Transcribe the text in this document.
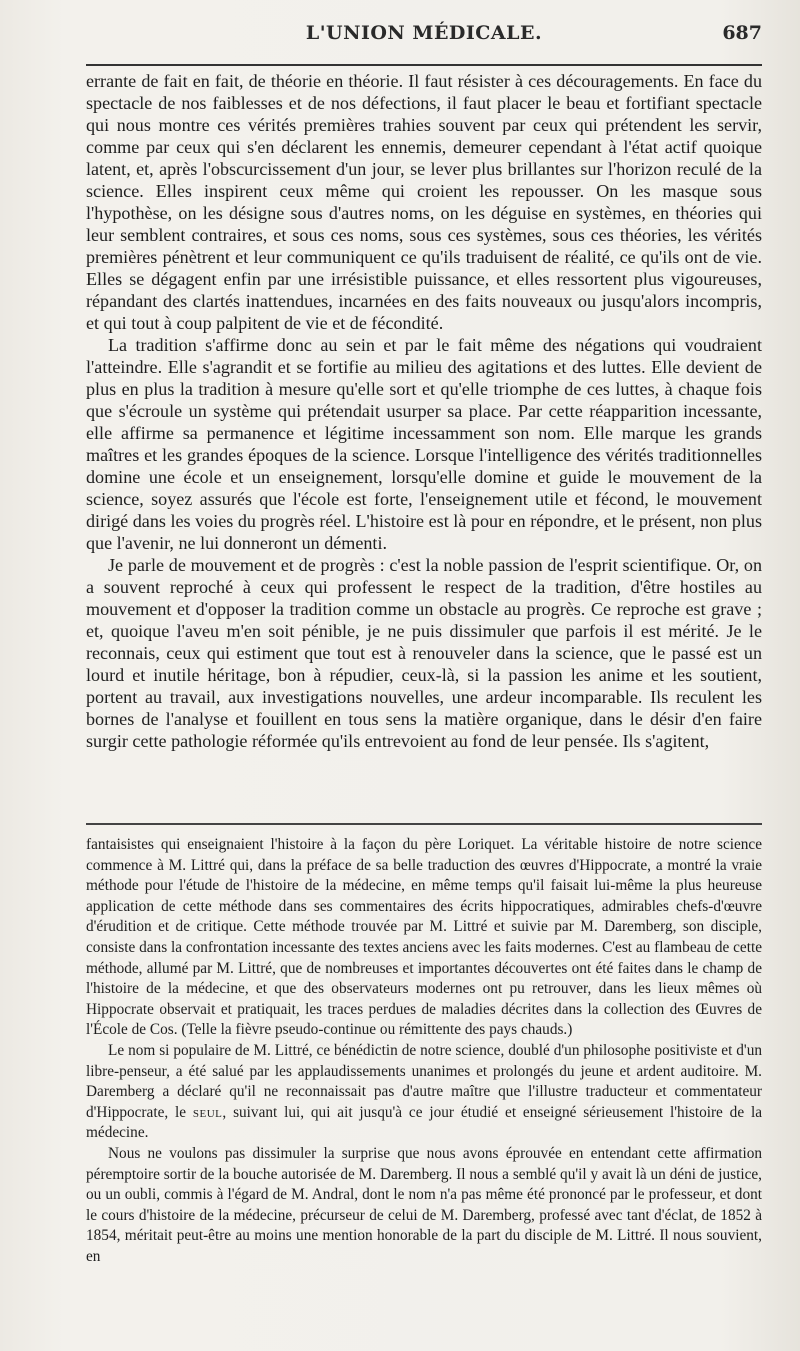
L'UNION MÉDICALE.	687

errante de fait en fait, de théorie en théorie. Il faut résister à ces découragements. En face du spectacle de nos faiblesses et de nos défections, il faut placer le beau et fortifiant spectacle qui nous montre ces vérités premières trahies souvent par ceux qui prétendent les servir, comme par ceux qui s'en déclarent les ennemis, demeurer cependant à l'état actif quoique latent, et, après l'obscurcissement d'un jour, se lever plus brillantes sur l'horizon reculé de la science. Elles inspirent ceux même qui croient les repousser. On les masque sous l'hypothèse, on les désigne sous d'autres noms, on les déguise en systèmes, en théories qui leur semblent contraires, et sous ces noms, sous ces systèmes, sous ces théories, les vérités premières pénètrent et leur communiquent ce qu'ils traduisent de réalité, ce qu'ils ont de vie. Elles se dégagent enfin par une irrésistible puissance, et elles ressortent plus vigoureuses, répandant des clartés inattendues, incarnées en des faits nouveaux ou jusqu'alors incompris, et qui tout à coup palpitent de vie et de fécondité.

La tradition s'affirme donc au sein et par le fait même des négations qui voudraient l'atteindre. Elle s'agrandit et se fortifie au milieu des agitations et des luttes. Elle devient de plus en plus la tradition à mesure qu'elle sort et qu'elle triomphe de ces luttes, à chaque fois que s'écroule un système qui prétendait usurper sa place. Par cette réapparition incessante, elle affirme sa permanence et légitime incessamment son nom. Elle marque les grands maîtres et les grandes époques de la science. Lorsque l'intelligence des vérités traditionnelles domine une école et un enseignement, lorsqu'elle domine et guide le mouvement de la science, soyez assurés que l'école est forte, l'enseignement utile et fécond, le mouvement dirigé dans les voies du progrès réel. L'histoire est là pour en répondre, et le présent, non plus que l'avenir, ne lui donneront un démenti.

Je parle de mouvement et de progrès : c'est la noble passion de l'esprit scientifique. Or, on a souvent reproché à ceux qui professent le respect de la tradition, d'être hostiles au mouvement et d'opposer la tradition comme un obstacle au progrès. Ce reproche est grave ; et, quoique l'aveu m'en soit pénible, je ne puis dissimuler que parfois il est mérité. Je le reconnais, ceux qui estiment que tout est à renouveler dans la science, que le passé est un lourd et inutile héritage, bon à répudier, ceux-là, si la passion les anime et les soutient, portent au travail, aux investigations nouvelles, une ardeur incomparable. Ils reculent les bornes de l'analyse et fouillent en tous sens la matière organique, dans le désir d'en faire surgir cette pathologie réformée qu'ils entrevoient au fond de leur pensée. Ils s'agitent,

fantaisistes qui enseignaient l'histoire à la façon du père Loriquet. La véritable histoire de notre science commence à M. Littré qui, dans la préface de sa belle traduction des œuvres d'Hippocrate, a montré la vraie méthode pour l'étude de l'histoire de la médecine, en même temps qu'il faisait lui-même la plus heureuse application de cette méthode dans ses commentaires des écrits hippocratiques, admirables chefs-d'œuvre d'érudition et de critique. Cette méthode trouvée par M. Littré et suivie par M. Daremberg, son disciple, consiste dans la confrontation incessante des textes anciens avec les faits modernes. C'est au flambeau de cette méthode, allumé par M. Littré, que de nombreuses et importantes découvertes ont été faites dans le champ de l'histoire de la médecine, et que des observateurs modernes ont pu retrouver, dans les lieux mêmes où Hippocrate observait et pratiquait, les traces perdues de maladies décrites dans la collection des Œuvres de l'École de Cos. (Telle la fièvre pseudo-continue ou rémittente des pays chauds.)

Le nom si populaire de M. Littré, ce bénédictin de notre science, doublé d'un philosophe positiviste et d'un libre-penseur, a été salué par les applaudissements unanimes et prolongés du jeune et ardent auditoire. M. Daremberg a déclaré qu'il ne reconnaissait pas d'autre maître que l'illustre traducteur et commentateur d'Hippocrate, le seul, suivant lui, qui ait jusqu'à ce jour étudié et enseigné sérieusement l'histoire de la médecine.

Nous ne voulons pas dissimuler la surprise que nous avons éprouvée en entendant cette affirmation péremptoire sortir de la bouche autorisée de M. Daremberg. Il nous a semblé qu'il y avait là un déni de justice, ou un oubli, commis à l'égard de M. Andral, dont le nom n'a pas même été prononcé par le professeur, et dont le cours d'histoire de la médecine, précurseur de celui de M. Daremberg, professé avec tant d'éclat, de 1852 à 1854, méritait peut-être au moins une mention honorable de la part du disciple de M. Littré. Il nous souvient, en
